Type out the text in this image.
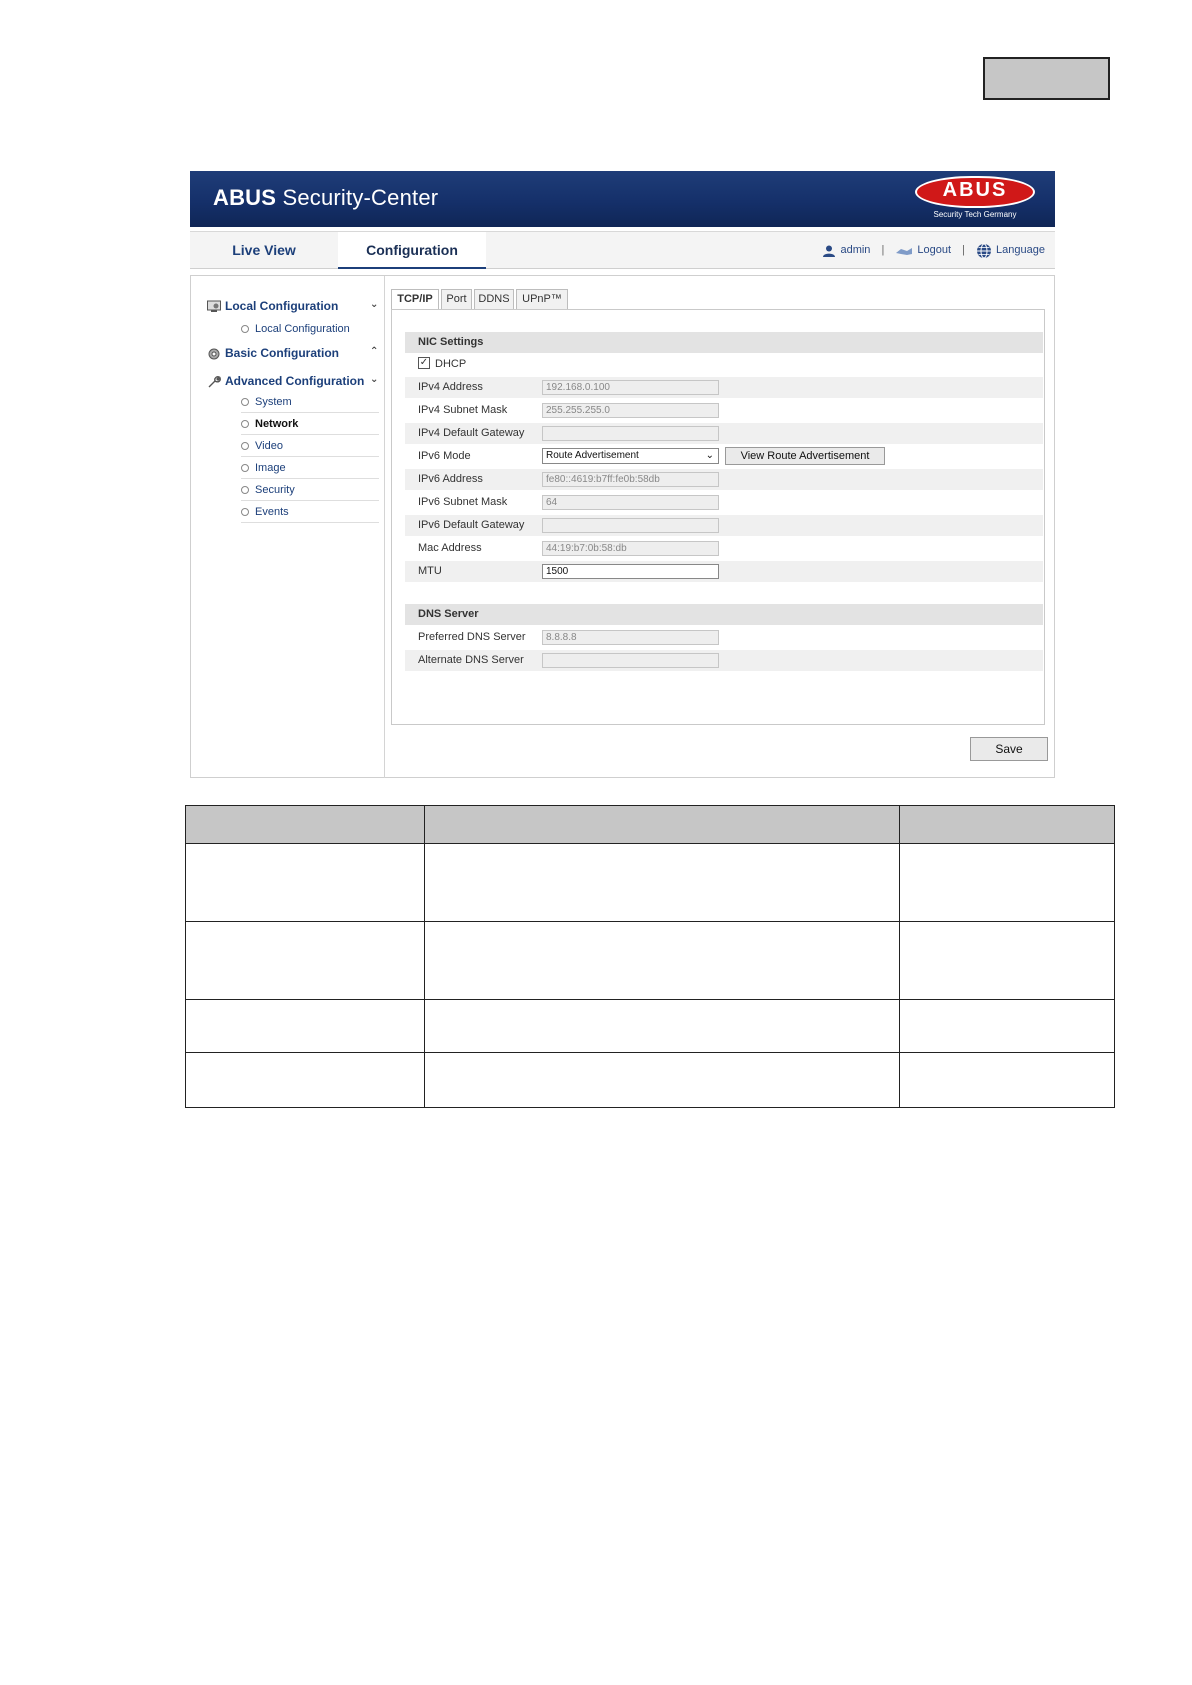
ABUS Security-Center	ABUS
Security Tech Germany
Live View	Configuration	admin |	Logout |	Language
Local Configuration	⌄
Local Configuration
Basic Configuration	⌃
Advanced Configuration ⌄
System
Network
Video
Image
Security
Events
TCP/IP	Port	DDNS	UPnP™
NIC Settings
✓ DHCP
IPv4 Address	192.168.0.100
IPv4 Subnet Mask	255.255.255.0
IPv4 Default Gateway
IPv6 Mode	Route Advertisement	⌄	View Route Advertisement
IPv6 Address	fe80::4619:b7ff:fe0b:58db
IPv6 Subnet Mask	64
IPv6 Default Gateway
Mac Address	44:19:b7:0b:58:db
MTU	1500
DNS Server
Preferred DNS Server	8.8.8.8
Alternate DNS Server
Save
